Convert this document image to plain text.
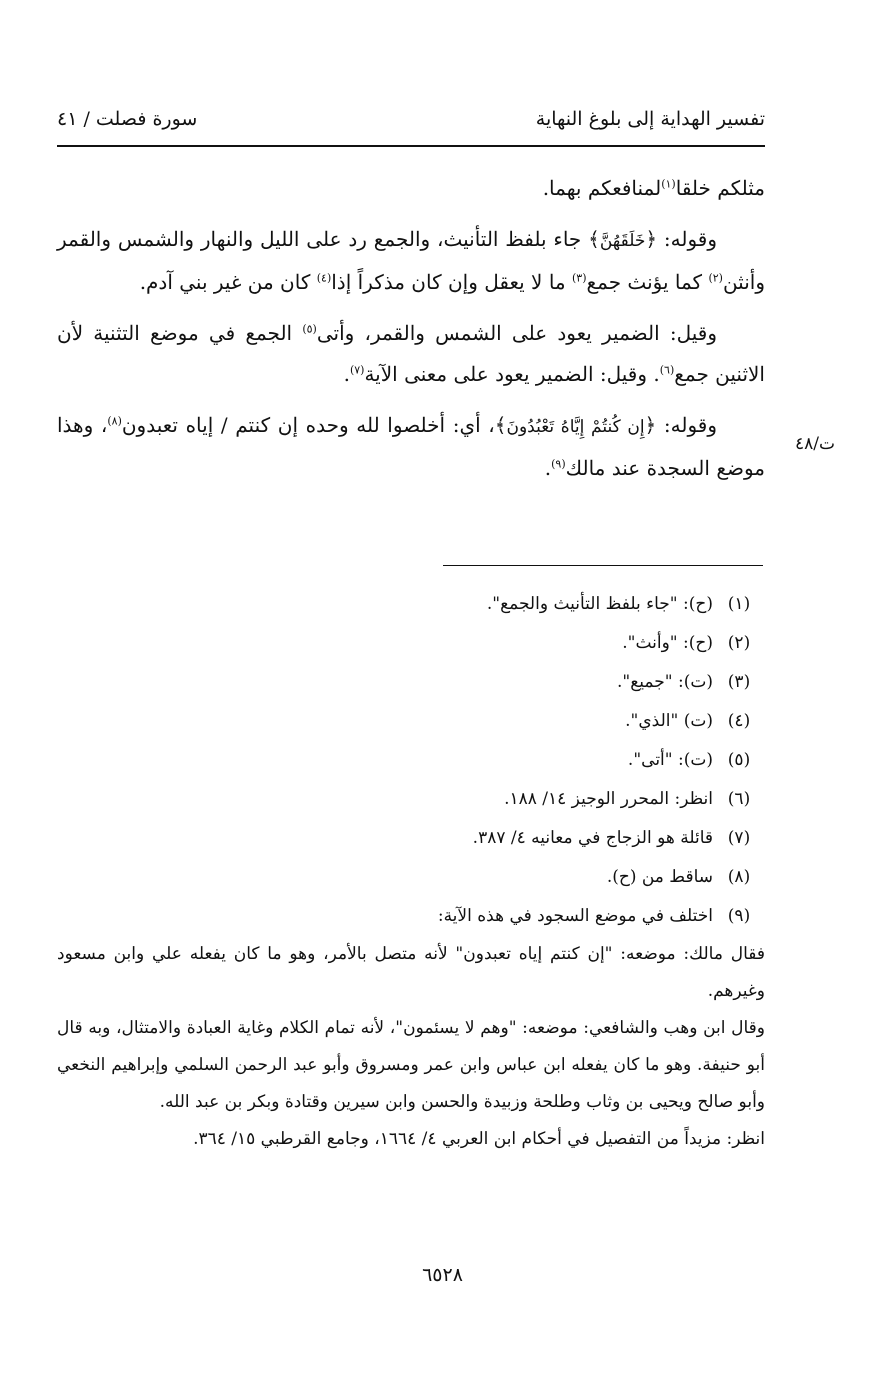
تفسير الهداية إلى بلوغ النهاية
سورة فصلت / ٤١
ت/٤٨

مثلكم خلقا$^{(١)}$لمنافعكم بهما.

وقوله: ﴿خَلَقَهُنَّ﴾ جاء بلفظ التأنيث، والجمع رد على الليل والنهار والشمس والقمر وأنثن$^{(٢)}$ كما يؤنث جمع$^{(٣)}$ ما لا يعقل وإن كان مذكراً إذا$^{(٤)}$ كان من غير بني آدم.

وقيل: الضمير يعود على الشمس والقمر، وأتى$^{(٥)}$ الجمع في موضع التثنية لأن الاثنين جمع$^{(٦)}$. وقيل: الضمير يعود على معنى الآية$^{(٧)}$.

وقوله: ﴿إِن كُنتُمْ إِيَّاهُ تَعْبُدُونَ﴾، أي: أخلصوا لله وحده إن كنتم / إياه تعبدون$^{(٨)}$، وهذا موضع السجدة عند مالك$^{(٩)}$.

(١)
(ح): "جاء بلفظ التأنيث والجمع".
(٢)
(ح): "وأنث".
(٣)
(ت): "جميع".
(٤)
(ت) "الذي".
(٥)
(ت): "أتى".
(٦)
انظر: المحرر الوجيز ١٤/ ١٨٨.
(٧)
قائلة هو الزجاج في معانيه ٤/ ٣٨٧.
(٨)
ساقط من (ح).
(٩)
اختلف في موضع السجود في هذه الآية:

فقال مالك: موضعه: "إن كنتم إياه تعبدون" لأنه متصل بالأمر، وهو ما كان يفعله علي وابن مسعود وغيرهم.

وقال ابن وهب والشافعي: موضعه: "وهم لا يسئمون"، لأنه تمام الكلام وغاية العبادة والامتثال، وبه قال أبو حنيفة. وهو ما كان يفعله ابن عباس وابن عمر ومسروق وأبو عبد الرحمن السلمي وإبراهيم النخعي وأبو صالح ويحيى بن وثاب وطلحة وزبيدة والحسن وابن سيرين وقتادة وبكر بن عبد الله.

انظر: مزيداً من التفصيل في أحكام ابن العربي ٤/ ١٦٦٤، وجامع القرطبي ١٥/ ٣٦٤.

٦٥٢٨
